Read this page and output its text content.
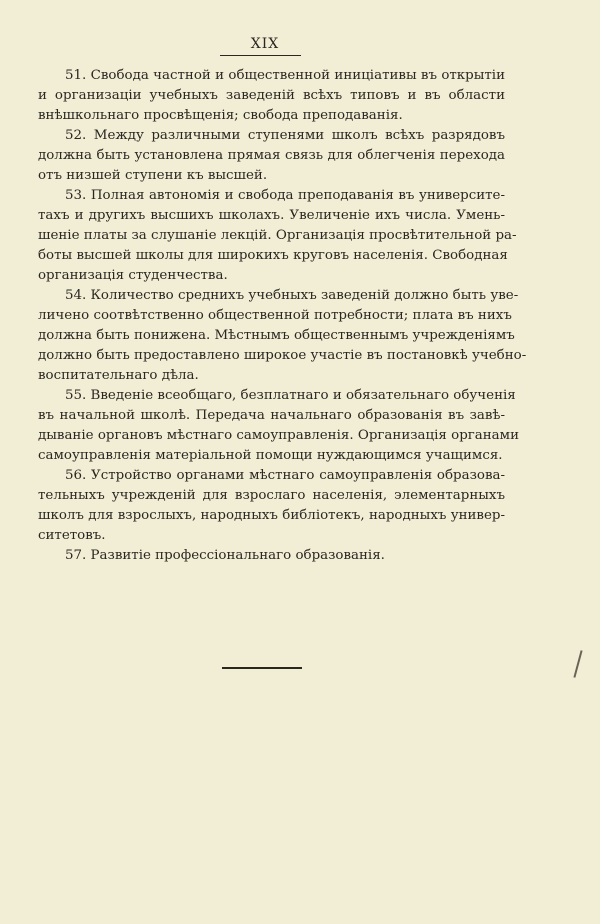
XIX
51. Свобода частной и общественной иницiативы въ открытiи
и организацiи учебныхъ заведенiй всѣхъ типовъ и въ области
внѣшкольнаго просвѣщенiя; свобода преподаванiя.
52. Между различными ступенями школъ всѣхъ разрядовъ
должна быть установлена прямая связь для облегченiя перехода
отъ низшей ступени къ высшей.
53. Полная автономiя и свобода преподаванiя въ университе-
тахъ и другихъ высшихъ школахъ. Увеличенiе ихъ числа. Умень-
шенiе платы за слушанiе лекцiй. Организацiя просвѣтительной ра-
боты высшей школы для широкихъ круговъ населенiя. Свободная
организацiя студенчества.
54. Количество среднихъ учебныхъ заведенiй должно быть уве-
личено соотвѣтственно общественной потребности; плата въ нихъ
должна быть понижена. Мѣстнымъ общественнымъ учрежденiямъ
должно быть предоставлено широкое участiе въ постановкѣ учебно-
воспитательнаго дѣла.
55. Введенiе всеобщаго, безплатнаго и обязательнаго обученiя
въ начальной школѣ. Передача начальнаго образованiя въ завѣ-
дыванiе органовъ мѣстнаго самоуправленiя. Организацiя органами
самоуправленiя матерiальной помощи нуждающимся учащимся.
56. Устройство органами мѣстнаго самоуправленiя образова-
тельныхъ учрежденiй для взрослаго населенiя, элементарныхъ
школъ для взрослыхъ, народныхъ библiотекъ, народныхъ универ-
ситетовъ.
57. Развитiе профессiональнаго образованiя.
